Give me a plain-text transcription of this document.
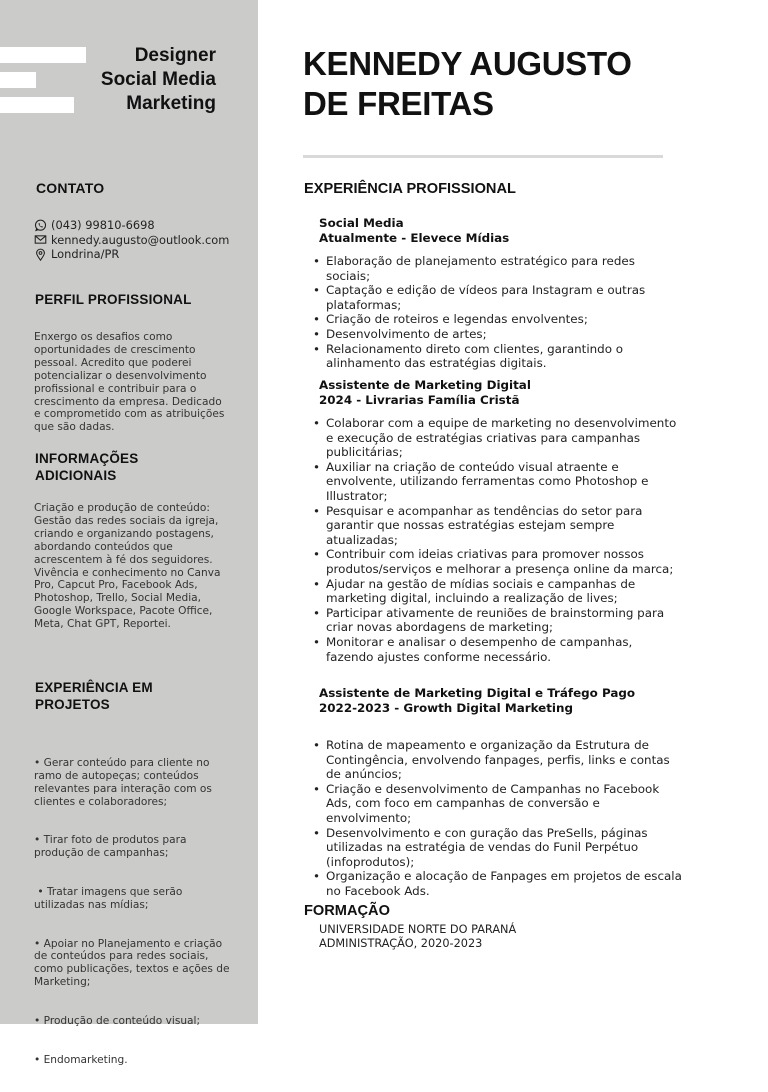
Designer
Social Media
Marketing
CONTATO
(043) 99810-6698
kennedy.augusto@outlook.com
Londrina/PR
PERFIL PROFISSIONAL
Enxergo os desafios como oportunidades de crescimento pessoal. Acredito que poderei potencializar o desenvolvimento profissional e contribuir para o crescimento da empresa. Dedicado e comprometido com as atribuições que são dadas.
INFORMAÇÕES
ADICIONAIS
Criação e produção de conteúdo: Gestão das redes sociais da igreja, criando e organizando postagens, abordando conteúdos que acrescentem à fé dos seguidores. Vivência e conhecimento no Canva Pro, Capcut Pro, Facebook Ads, Photoshop, Trello, Social Media, Google Workspace, Pacote Office, Meta, Chat GPT, Reportei.
EXPERIÊNCIA EM
PROJETOS

• Gerar conteúdo para cliente no ramo de autopeças; conteúdos relevantes para interação com os clientes e colaboradores;

• Tirar foto de produtos para produção de campanhas;

• Tratar imagens que serão utilizadas nas mídias;

• Apoiar no Planejamento e criação de conteúdos para redes sociais, como publicações, textos e ações de Marketing;

• Produção de conteúdo visual;

• Endomarketing.

KENNEDY AUGUSTO
DE FREITAS
EXPERIÊNCIA PROFISSIONAL
Social Media
Atualmente - Elevece Mídias
• Elaboração de planejamento estratégico para redes sociais;
• Captação e edição de vídeos para Instagram e outras plataformas;
• Criação de roteiros e legendas envolventes;
• Desenvolvimento de artes;
• Relacionamento direto com clientes, garantindo o alinhamento das estratégias digitais.
Assistente de Marketing Digital
2024 - Livrarias Família Cristã
• Colaborar com a equipe de marketing no desenvolvimento e execução de estratégias criativas para campanhas publicitárias;
• Auxiliar na criação de conteúdo visual atraente e envolvente, utilizando ferramentas como Photoshop e Illustrator;
• Pesquisar e acompanhar as tendências do setor para garantir que nossas estratégias estejam sempre atualizadas;
• Contribuir com ideias criativas para promover nossos produtos/serviços e melhorar a presença online da marca;
• Ajudar na gestão de mídias sociais e campanhas de marketing digital, incluindo a realização de lives;
• Participar ativamente de reuniões de brainstorming para criar novas abordagens de marketing;
• Monitorar e analisar o desempenho de campanhas, fazendo ajustes conforme necessário.
Assistente de Marketing Digital e Tráfego Pago
2022-2023 - Growth Digital Marketing
• Rotina de mapeamento e organização da Estrutura de Contingência, envolvendo fanpages, perfis, links e contas de anúncios;
• Criação e desenvolvimento de Campanhas no Facebook Ads, com foco em campanhas de conversão e envolvimento;
• Desenvolvimento e con guração das PreSells, páginas utilizadas na estratégia de vendas do Funil Perpétuo (infoprodutos);
• Organização e alocação de Fanpages em projetos de escala no Facebook Ads.
FORMAÇÃO
UNIVERSIDADE NORTE DO PARANÁ
ADMINISTRAÇÃO, 2020-2023
